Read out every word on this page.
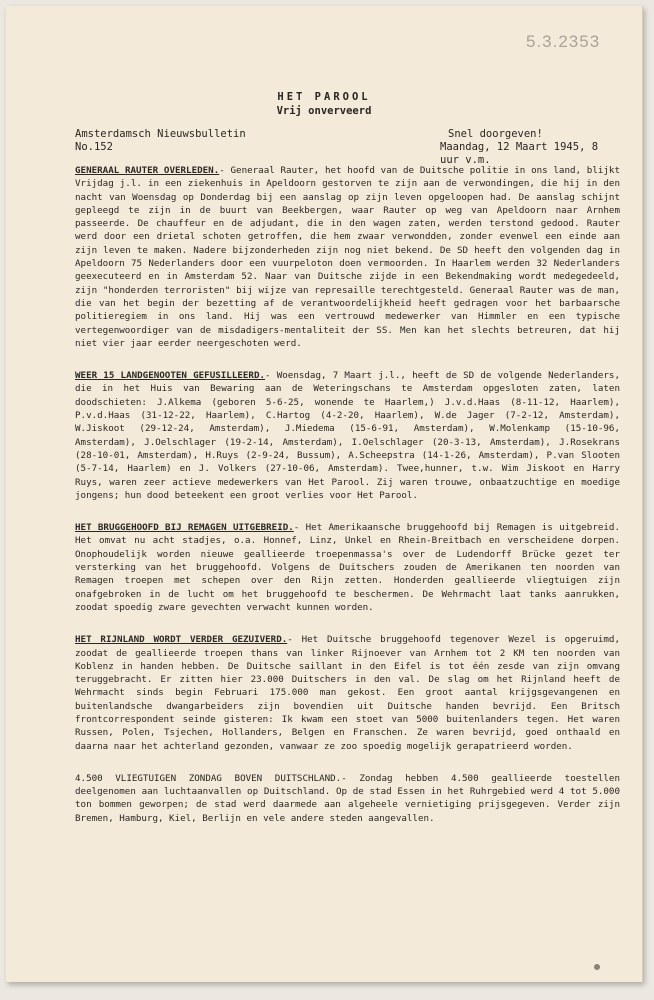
5.3.2353
HET PAROOL
Vrij onverveerd
Amsterdamsch Nieuwsbulletin
No.152
Snel doorgeven!
Maandag, 12 Maart 1945, 8 uur v.m.

GENERAAL RAUTER OVERLEDEN.- Generaal Rauter, het hoofd van de Duitsche politie in ons land, blijkt Vrijdag j.l. in een ziekenhuis in Apeldoorn gestorven te zijn aan de verwondingen, die hij in den nacht van Woensdag op Donderdag bij een aanslag op zijn leven opgeloopen had. De aanslag schijnt gepleegd te zijn in de buurt van Beekbergen, waar Rauter op weg van Apeldoorn naar Arnhem passeerde. De chauffeur en de adjudant, die in den wagen zaten, werden terstond gedood. Rauter werd door een drietal schoten getroffen, die hem zwaar verwondden, zonder evenwel een einde aan zijn leven te maken. Nadere bijzonderheden zijn nog niet bekend. De SD heeft den volgenden dag in Apeldoorn 75 Nederlanders door een vuurpeloton doen vermoorden. In Haarlem werden 32 Nederlanders geexecuteerd en in Amsterdam 52. Naar van Duitsche zijde in een Bekendmaking wordt medegedeeld, zijn "honderden terroristen" bij wijze van represaille terechtgesteld. Generaal Rauter was de man, die van het begin der bezetting af de verantwoordelijkheid heeft gedragen voor het barbaarsche politieregiem in ons land. Hij was een vertrouwd medewerker van Himmler en een typische vertegenwoordiger van de misdadigers-mentaliteit der SS. Men kan het slechts betreuren, dat hij niet vier jaar eerder neergeschoten werd.

WEER 15 LANDGENOOTEN GEFUSILLEERD.- Woensdag, 7 Maart j.l., heeft de SD de volgende Nederlanders, die in het Huis van Bewaring aan de Weteringschans te Amsterdam opgesloten zaten, laten doodschieten: J.Alkema (geboren 5-6-25, wonende te Haarlem,) J.v.d.Haas (8-11-12, Haarlem), P.v.d.Haas (31-12-22, Haarlem), C.Hartog (4-2-20, Haarlem), W.de Jager (7-2-12, Amsterdam), W.Jiskoot (29-12-24, Amsterdam), J.Miedema (15-6-91, Amsterdam), W.Molenkamp (15-10-96, Amsterdam), J.Oelschlager (19-2-14, Amsterdam), I.Oelschlager (20-3-13, Amsterdam), J.Rosekrans (28-10-01, Amsterdam), H.Ruys (2-9-24, Bussum), A.Scheepstra (14-1-26, Amsterdam), P.van Slooten (5-7-14, Haarlem) en J. Volkers (27-10-06, Amsterdam). Twee,hunner, t.w. Wim Jiskoot en Harry Ruys, waren zeer actieve medewerkers van Het Parool. Zij waren trouwe, onbaatzuchtige en moedige jongens; hun dood beteekent een groot verlies voor Het Parool.

HET BRUGGEHOOFD BIJ REMAGEN UITGEBREID.- Het Amerikaansche bruggehoofd bij Remagen is uitgebreid. Het omvat nu acht stadjes, o.a. Honnef, Linz, Unkel en Rhein-Breitbach en verscheidene dorpen. Onophoudelijk worden nieuwe geallieerde troepenmassa's over de Ludendorff Brücke gezet ter versterking van het bruggehoofd. Volgens de Duitschers zouden de Amerikanen ten noorden van Remagen troepen met schepen over den Rijn zetten. Honderden geallieerde vliegtuigen zijn onafgebroken in de lucht om het bruggehoofd te beschermen. De Wehrmacht laat tanks aanrukken, zoodat spoedig zware gevechten verwacht kunnen worden.

HET RIJNLAND WORDT VERDER GEZUIVERD.- Het Duitsche bruggehoofd tegenover Wezel is opgeruimd, zoodat de geallieerde troepen thans van linker Rijnoever van Arnhem tot 2 KM ten noorden van Koblenz in handen hebben. De Duitsche saillant in den Eifel is tot één zesde van zijn omvang teruggebracht. Er zitten hier 23.000 Duitschers in den val. De slag om het Rijnland heeft de Wehrmacht sinds begin Februari 175.000 man gekost. Een groot aantal krijgsgevangenen en buitenlandsche dwangarbeiders zijn bovendien uit Duitsche handen bevrijd. Een Britsch frontcorrespondent seinde gisteren: Ik kwam een stoet van 5000 buitenlanders tegen. Het waren Russen, Polen, Tsjechen, Hollanders, Belgen en Franschen. Ze waren bevrijd, goed onthaald en daarna naar het achterland gezonden, vanwaar ze zoo spoedig mogelijk gerapatrieerd worden.

4.500 VLIEGTUIGEN ZONDAG BOVEN DUITSCHLAND.- Zondag hebben 4.500 geallieerde toestellen deelgenomen aan luchtaanvallen op Duitschland. Op de stad Essen in het Ruhrgebied werd 4 tot 5.000 ton bommen geworpen; de stad werd daarmede aan algeheele vernietiging prijsgegeven. Verder zijn Bremen, Hamburg, Kiel, Berlijn en vele andere steden aangevallen.
